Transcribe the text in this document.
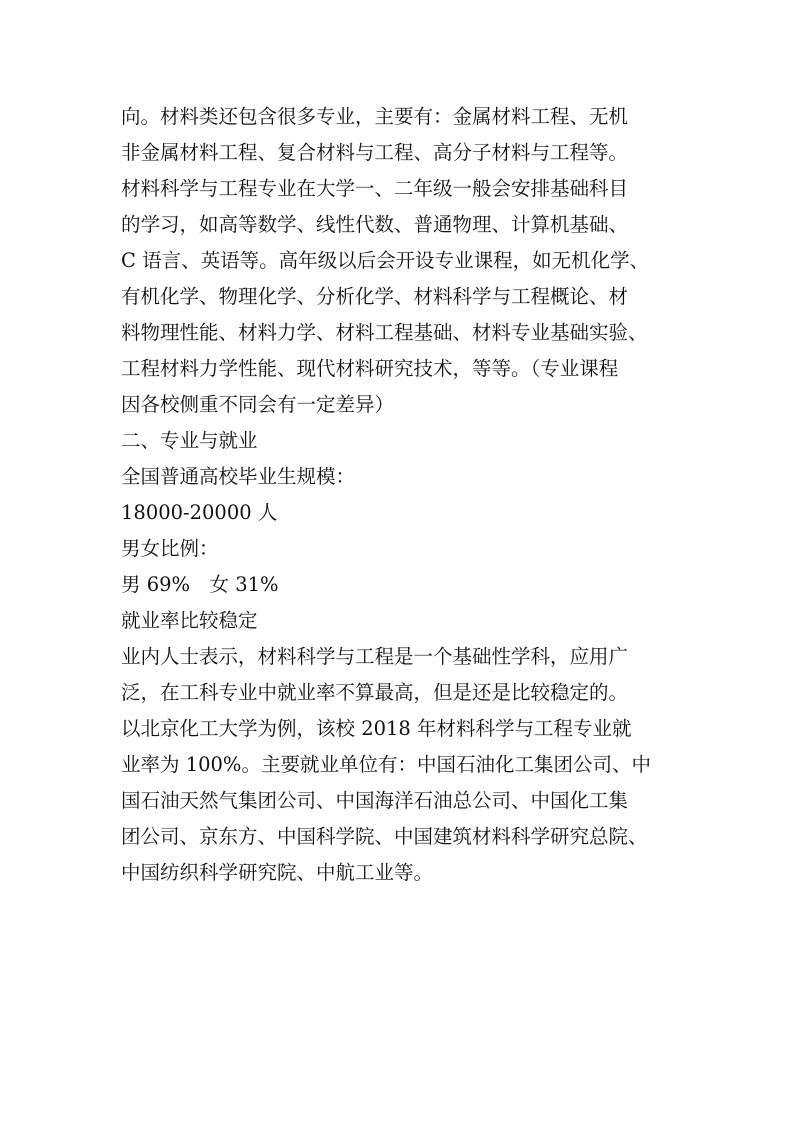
向。材料类还包含很多专业，主要有：金属材料工程、无机
非金属材料工程、复合材料与工程、高分子材料与工程等。
材料科学与工程专业在大学一、二年级一般会安排基础科目
的学习，如高等数学、线性代数、普通物理、计算机基础、
C 语言、英语等。高年级以后会开设专业课程，如无机化学、
有机化学、物理化学、分析化学、材料科学与工程概论、材
料物理性能、材料力学、材料工程基础、材料专业基础实验、
工程材料力学性能、现代材料研究技术，等等。（专业课程
因各校侧重不同会有一定差异）
二、专业与就业
全国普通高校毕业生规模：
18000-20000 人
男女比例：
男 69%　女 31%
就业率比较稳定
业内人士表示，材料科学与工程是一个基础性学科，应用广
泛，在工科专业中就业率不算最高，但是还是比较稳定的。
以北京化工大学为例，该校 2018 年材料科学与工程专业就
业率为 100%。主要就业单位有：中国石油化工集团公司、中
国石油天然气集团公司、中国海洋石油总公司、中国化工集
团公司、京东方、中国科学院、中国建筑材料科学研究总院、
中国纺织科学研究院、中航工业等。
